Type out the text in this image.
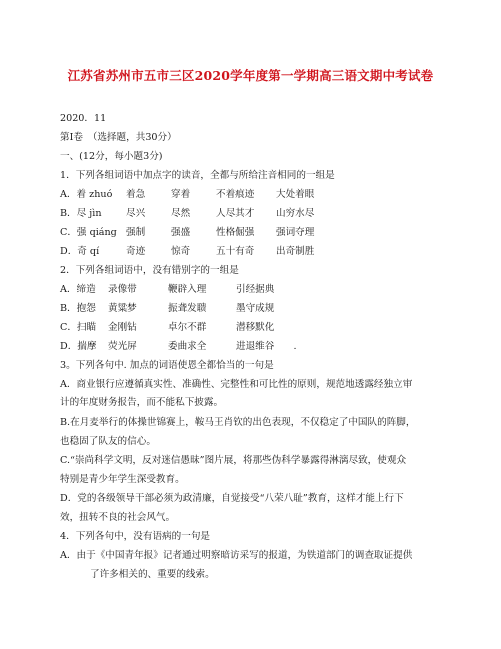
江苏省苏州市五市三区2020学年度第一学期高三语文期中考试卷
2020．11
第Ⅰ卷　（选择题，共30分）
一、(12分，每小题3分)
1．下列各组词语中加点字的读音，全都与所给注音相同的一组是
A．着 zhuó 着急	穿着	不着痕迹 大处着眼
B．尽 jìn	尽兴	尽然	人尽其才 山穷水尽
C．强 qiáng 强制	强盛	性格倔强 强词夺理
D．奇 qí	奇迹	惊奇	五十有奇 出奇制胜
2．下列各组词语中，没有错别字的一组是
A．缔造 录像带	鞭辟入理	引经据典
B．抱怨 黄粱梦	振聋发聩	墨守成规
C．扫瞄 金刚钻	卓尔不群	潜移默化
D．揣摩 荧光屏	委曲求全	进退维谷　　.
3。下列各句中. 加点的词语使恩全都恰当的一句是
A．商业银行应遵循真实性、准确性、完整性和可比性的原则，规范地透露经独立审
计的年度财务报告，而不能私下披露。
B.在月麦举行的体操世锦赛上，鞍马王肖钦的出色表现，不仅稳定了中国队的阵脚，
也稳固了队友的信心。
C.“崇尚科学文明，反对迷信愚昧”图片展，将那些伪科学暴露得淋漓尽致，使观众
特别是青少年学生深受教育。
D．党的各级领导干部必须为政清廉，自觉接受“八荣八耻”教育，这样才能上行下
效，扭转不良的社会风气。
4．下列各句中，没有语病的一句是
A．由于《中国青年报》记者通过明察暗访采写的报道，为铁道部门的调查取证提供
了许多相关的、重要的线索。
